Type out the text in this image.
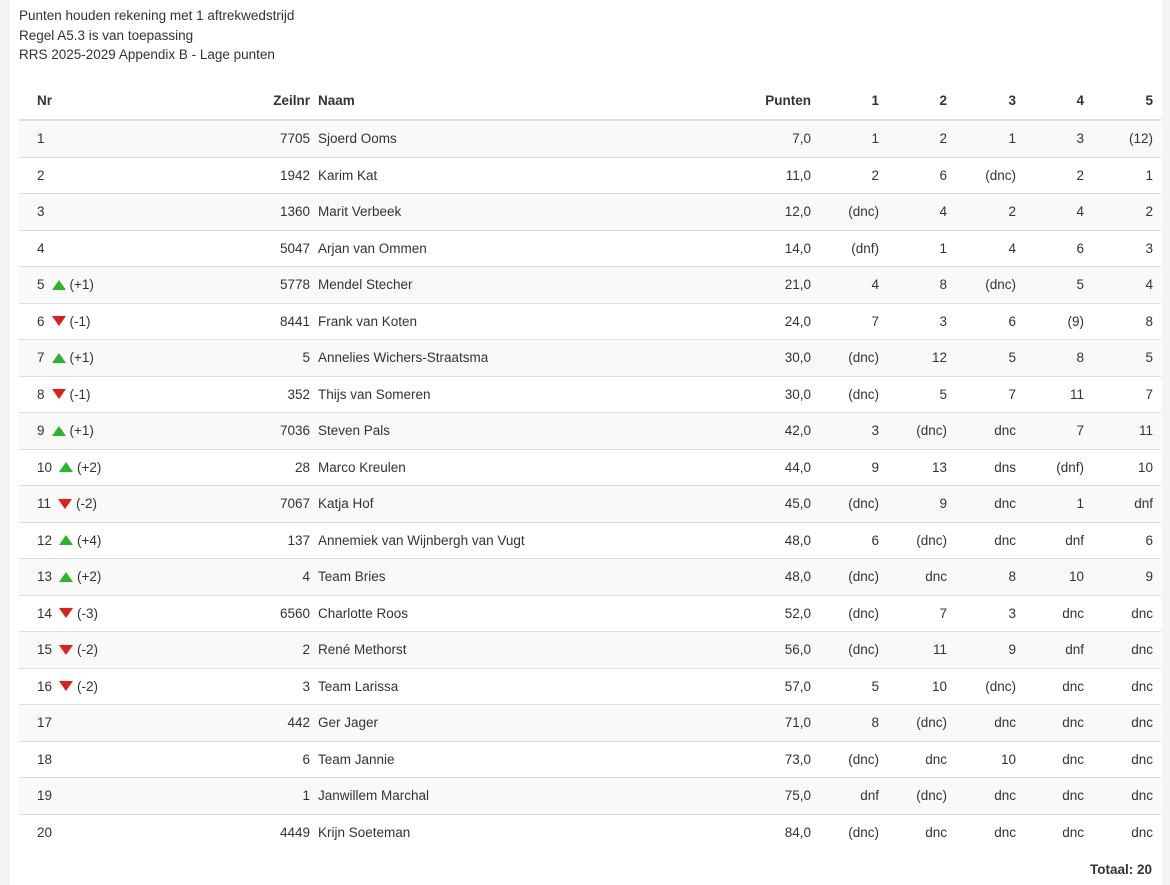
Punten houden rekening met 1 aftrekwedstrijd
Regel A5.3 is van toepassing
RRS 2025-2029 Appendix B - Lage punten
Nr	Zeilnr	Naam	Punten	1	2	3	4	5
1	7705	Sjoerd Ooms	7,0	1	2	1	3	(12)
2	1942	Karim Kat	11,0	2	6	(dnc)	2	1
3	1360	Marit Verbeek	12,0	(dnc)	4	2	4	2
4	5047	Arjan van Ommen	14,0	(dnf)	1	4	6	3
5 (+1)	5778	Mendel Stecher	21,0	4	8	(dnc)	5	4
6 (-1)	8441	Frank van Koten	24,0	7	3	6	(9)	8
7 (+1)	5	Annelies Wichers-Straatsma	30,0	(dnc)	12	5	8	5
8 (-1)	352	Thijs van Someren	30,0	(dnc)	5	7	11	7
9 (+1)	7036	Steven Pals	42,0	3	(dnc)	dnc	7	11
10 (+2)	28	Marco Kreulen	44,0	9	13	dns	(dnf)	10
11 (-2)	7067	Katja Hof	45,0	(dnc)	9	dnc	1	dnf
12 (+4)	137	Annemiek van Wijnbergh van Vugt	48,0	6	(dnc)	dnc	dnf	6
13 (+2)	4	Team Bries	48,0	(dnc)	dnc	8	10	9
14 (-3)	6560	Charlotte Roos	52,0	(dnc)	7	3	dnc	dnc
15 (-2)	2	René Methorst	56,0	(dnc)	11	9	dnf	dnc
16 (-2)	3	Team Larissa	57,0	5	10	(dnc)	dnc	dnc
17	442	Ger Jager	71,0	8	(dnc)	dnc	dnc	dnc
18	6	Team Jannie	73,0	(dnc)	dnc	10	dnc	dnc
19	1	Janwillem Marchal	75,0	dnf	(dnc)	dnc	dnc	dnc
20	4449	Krijn Soeteman	84,0	(dnc)	dnc	dnc	dnc	dnc
Totaal: 20
